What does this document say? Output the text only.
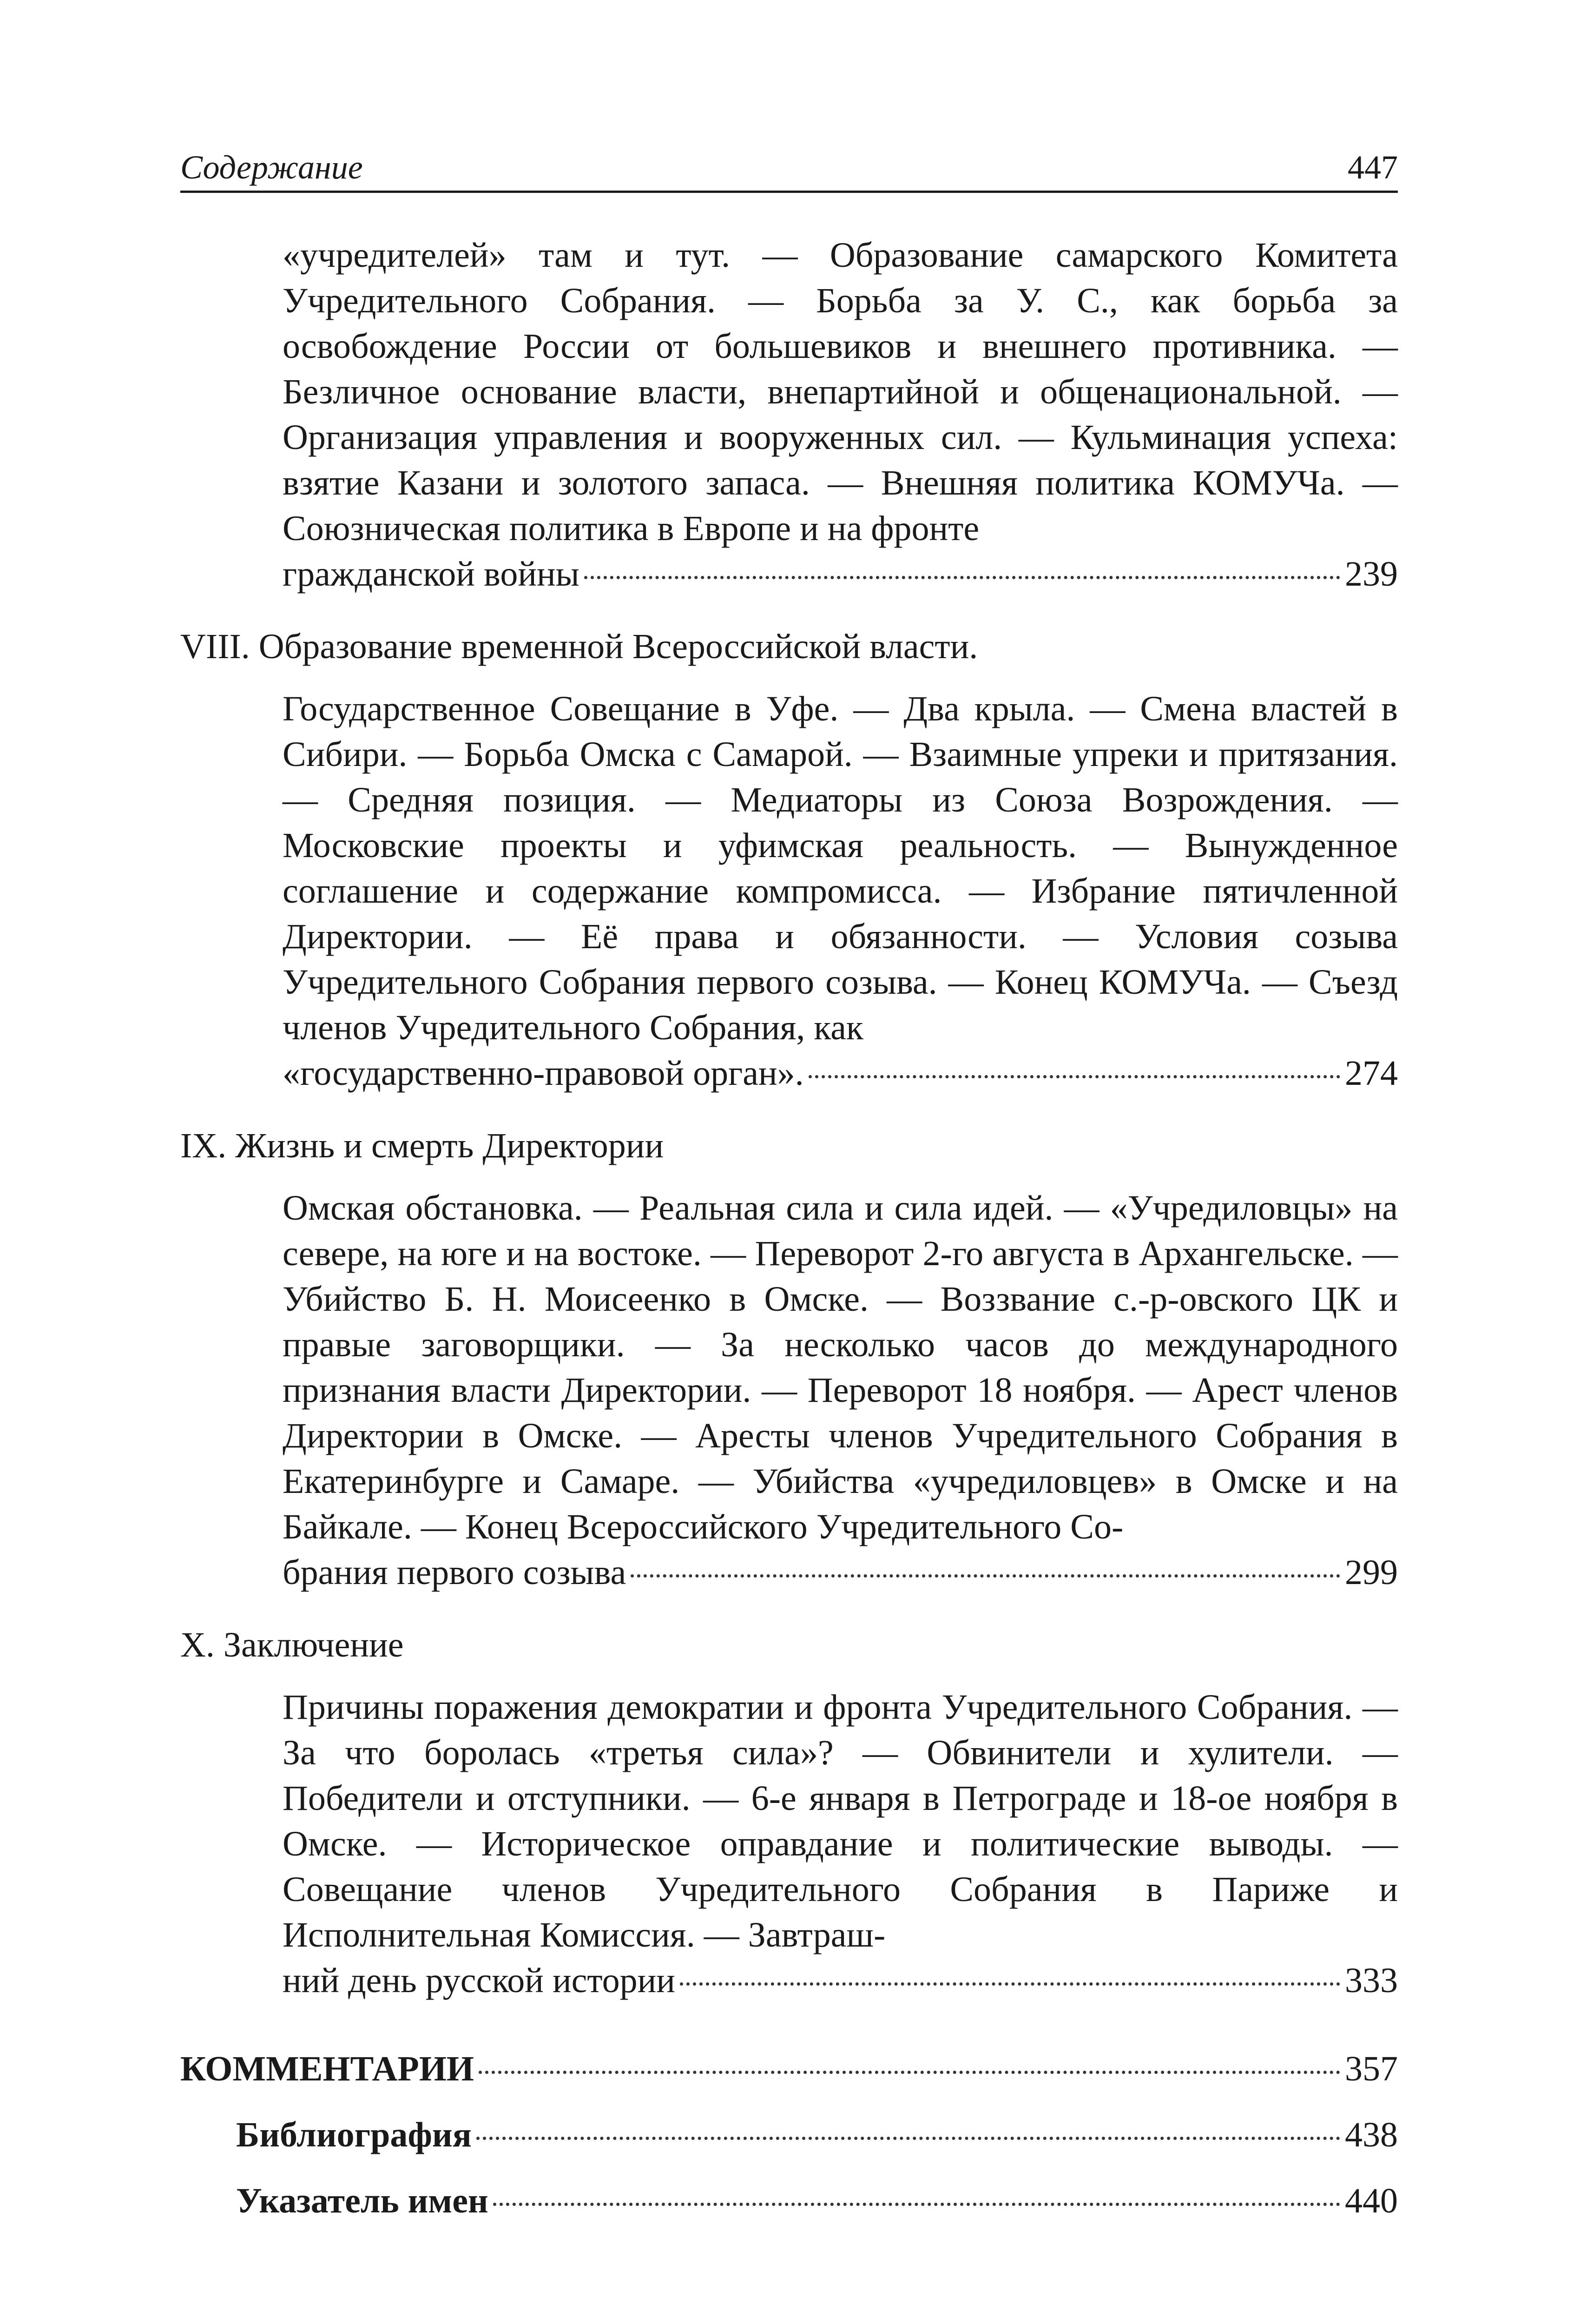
Содержание	447
«учредителей» там и тут. — Образование самарского Комитета Учредительного Собрания. — Борьба за У. С., как борьба за освобождение России от большевиков и внешнего противника. — Безличное основание власти, внепартийной и общенациональной. — Организация управления и вооруженных сил. — Кульминация успеха: взятие Казани и золотого запаса. — Внешняя политика КОМУЧа. — Союзническая политика в Европе и на фронте
гражданской войны	239
VIII. Образование временной Всероссийской власти.
Государственное Совещание в Уфе. — Два крыла. — Смена властей в Сибири. — Борьба Омска с Самарой. — Взаимные упреки и притязания. — Средняя позиция. — Медиаторы из Союза Возрождения. — Московские проекты и уфимская реальность. — Вынужденное соглашение и содержание компромисса. — Избрание пятичленной Директории. — Её права и обязанности. — Условия созыва Учредительного Собрания первого созыва. — Конец КОМУЧа. — Съезд членов Учредительного Собрания, как
«государственно-правовой орган».	274
IX. Жизнь и смерть Директории
Омская обстановка. — Реальная сила и сила идей. — «Учредиловцы» на севере, на юге и на востоке. — Переворот 2-го августа в Архангельске. — Убийство Б. Н. Моисеенко в Омске. — Воззвание с.-р-овского ЦК и правые заговорщики. — За несколько часов до международного признания власти Директории. — Переворот 18 ноября. — Арест членов Директории в Омске. — Аресты членов Учредительного Собрания в Екатеринбурге и Самаре. — Убийства «учредиловцев» в Омске и на Байкале. — Конец Всероссийского Учредительного Со-
брания первого созыва	299
X. Заключение
Причины поражения демократии и фронта Учредительного Собрания. — За что боролась «третья сила»? — Обвинители и хулители. — Победители и отступники. — 6-е января в Петрограде и 18-ое ноября в Омске. — Историческое оправдание и политические выводы. — Совещание членов Учредительного Собрания в Париже и Исполнительная Комиссия. — Завтраш-
ний день русской истории	333
КОММЕНТАРИИ	357
Библиография	438
Указатель имен	440
